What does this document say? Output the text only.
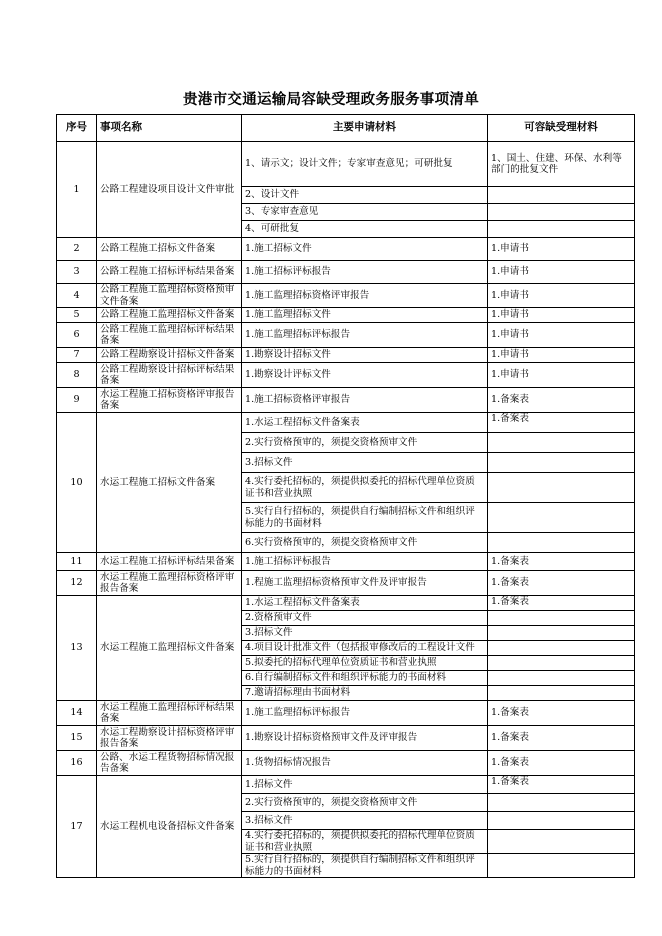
贵港市交通运输局容缺受理政务服务事项清单
序号	事项名称	主要申请材料	可容缺受理材料
1	公路工程建设项目设计文件审批	1、请示文；设计文件；专家审查意见；可研批复	1、国土、住建、环保、水利等部门的批复文件
		2、设计文件	
		3、专家审查意见	
		4、可研批复	
2	公路工程施工招标文件备案	1.施工招标文件	1.申请书
3	公路工程施工招标评标结果备案	1.施工招标评标报告	1.申请书
4	公路工程施工监理招标资格预审文件备案	1.施工监理招标资格评审报告	1.申请书
5	公路工程施工监理招标文件备案	1.施工监理招标文件	1.申请书
6	公路工程施工监理招标评标结果备案	1.施工监理招标评标报告	1.申请书
7	公路工程勘察设计招标文件备案	1.勘察设计招标文件	1.申请书
8	公路工程勘察设计招标评标结果备案	1.勘察设计评标文件	1.申请书
9	水运工程施工招标资格评审报告备案	1.施工招标资格评审报告	1.备案表
10	水运工程施工招标文件备案	1.水运工程招标文件备案表	1.备案表
		2.实行资格预审的，须提交资格预审文件	
		3.招标文件	
		4.实行委托招标的，须提供拟委托的招标代理单位资质证书和营业执照	
		5.实行自行招标的，须提供自行编制招标文件和组织评标能力的书面材料	
		6.实行资格预审的，须提交资格预审文件	
11	水运工程施工招标评标结果备案	1.施工招标评标报告	1.备案表
12	水运工程施工监理招标资格评审报告备案	1.程施工监理招标资格预审文件及评审报告	1.备案表
13	水运工程施工监理招标文件备案	1.水运工程招标文件备案表	1.备案表
		2.资格预审文件	
		3.招标文件	
		4.项目设计批准文件（包括报审修改后的工程设计文件	
		5.拟委托的招标代理单位资质证书和营业执照	
		6.自行编制招标文件和组织评标能力的书面材料	
		7.邀请招标理由书面材料	
14	水运工程施工监理招标评标结果备案	1.施工监理招标评标报告	1.备案表
15	水运工程勘察设计招标资格评审报告备案	1.勘察设计招标资格预审文件及评审报告	1.备案表
16	公路、水运工程货物招标情况报告备案	1.货物招标情况报告	1.备案表
17	水运工程机电设备招标文件备案	1.招标文件	1.备案表
		2.实行资格预审的，须提交资格预审文件	
		3.招标文件	
		4.实行委托招标的，须提供拟委托的招标代理单位资质证书和营业执照	
		5.实行自行招标的，须提供自行编制招标文件和组织评标能力的书面材料	
